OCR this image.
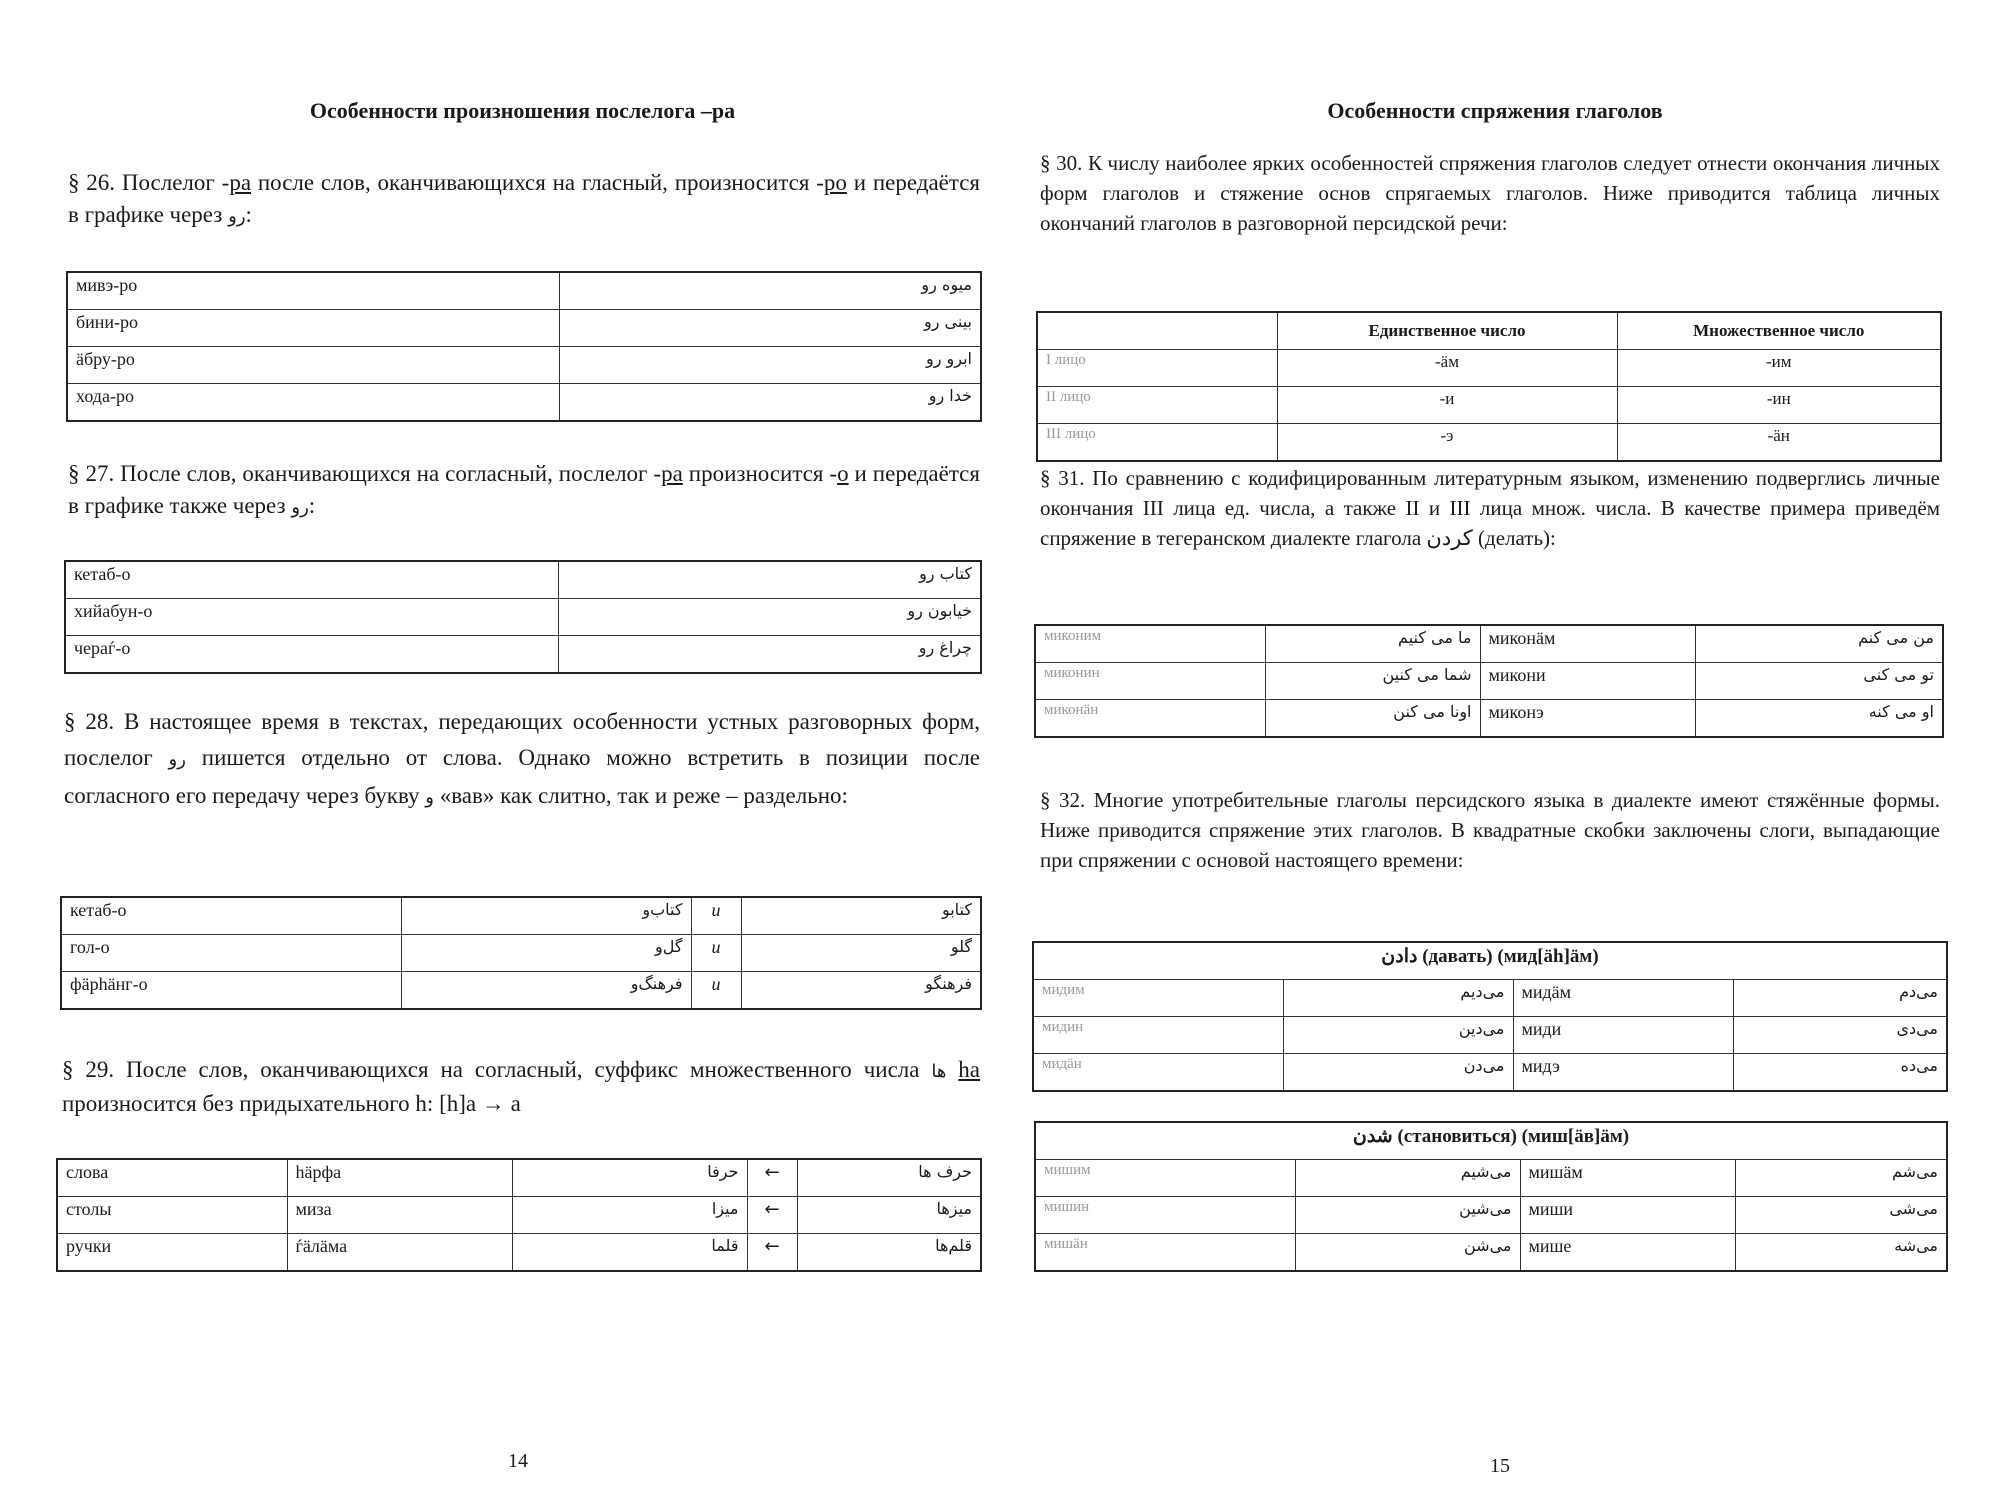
Особенности произношения послелога –ра
§ 26. Послелог -ра после слов, оканчивающихся на гласный, произносится -ро и передаётся в графике через رو:
мивэ-ро	میوه رو
бини-ро	بینی رو
äбру-ро	ابرو رو
хода-ро	خدا رو
§ 27. После слов, оканчивающихся на согласный, послелог -ра произносится -о и передаётся в графике также через رو:
кетаб-о	کتاب رو
хийабун-о	خیابون رو
чераѓ-о	چراغ رو
§ 28. В настоящее время в текстах, передающих особенности устных разговорных форм, послелог رو пишется отдельно от слова. Однако можно встретить в позиции после согласного его передачу через букву و «вав» как слитно, так и реже – раздельно:
кетаб-о	کتاب‌و	и	کتابو
гол-о	گل‌و	и	گلو
фäрhäнг-о	فرهنگ‌و	и	فرهنگو
§ 29. После слов, оканчивающихся на согласный, суффикс множественного числа ها ha произносится без придыхательного h: [h]a → a
слова	häрфа	حرفا	←	حرف ها
столы	миза	میزا	←	میزها
ручки	ѓäлäма	قلما	←	قلم‌ها
14
Особенности спряжения глаголов
§ 30. К числу наиболее ярких особенностей спряжения глаголов следует отнести окончания личных форм глаголов и стяжение основ спрягаемых глаголов. Ниже приводится таблица личных окончаний глаголов в разговорной персидской речи:
	Единственное число	Множественное число
I лицо	-äм	-им
II лицо	-и	-ин
III лицо	-э	-äн
§ 31. По сравнению с кодифицированным литературным языком, изменению подверглись личные окончания III лица ед. числа, а также II и III лица множ. числа. В качестве примера приведём спряжение в тегеранском диалекте глагола کردن (делать):
миконим	ما می کنیم	миконäм	من می کنم
миконин	شما می کنین	микони	تو می کنی
миконäн	اونا می کنن	миконэ	او می کنه
§ 32. Многие употребительные глаголы персидского языка в диалекте имеют стяжённые формы. Ниже приводится спряжение этих глаголов. В квадратные скобки заключены слоги, выпадающие при спряжении с основой настоящего времени:
دادن (давать) (мид[äh]äм)			
мидим	می‌دیم	мидäм	می‌دم
мидин	می‌دین	миди	می‌دی
мидäн	می‌دن	мидэ	می‌ده
شدن (становиться) (миш[äв]äм)			
мишим	می‌شیم	мишäм	می‌شم
мишин	می‌شین	миши	می‌شی
мишäн	می‌شن	мише	می‌شه
15
